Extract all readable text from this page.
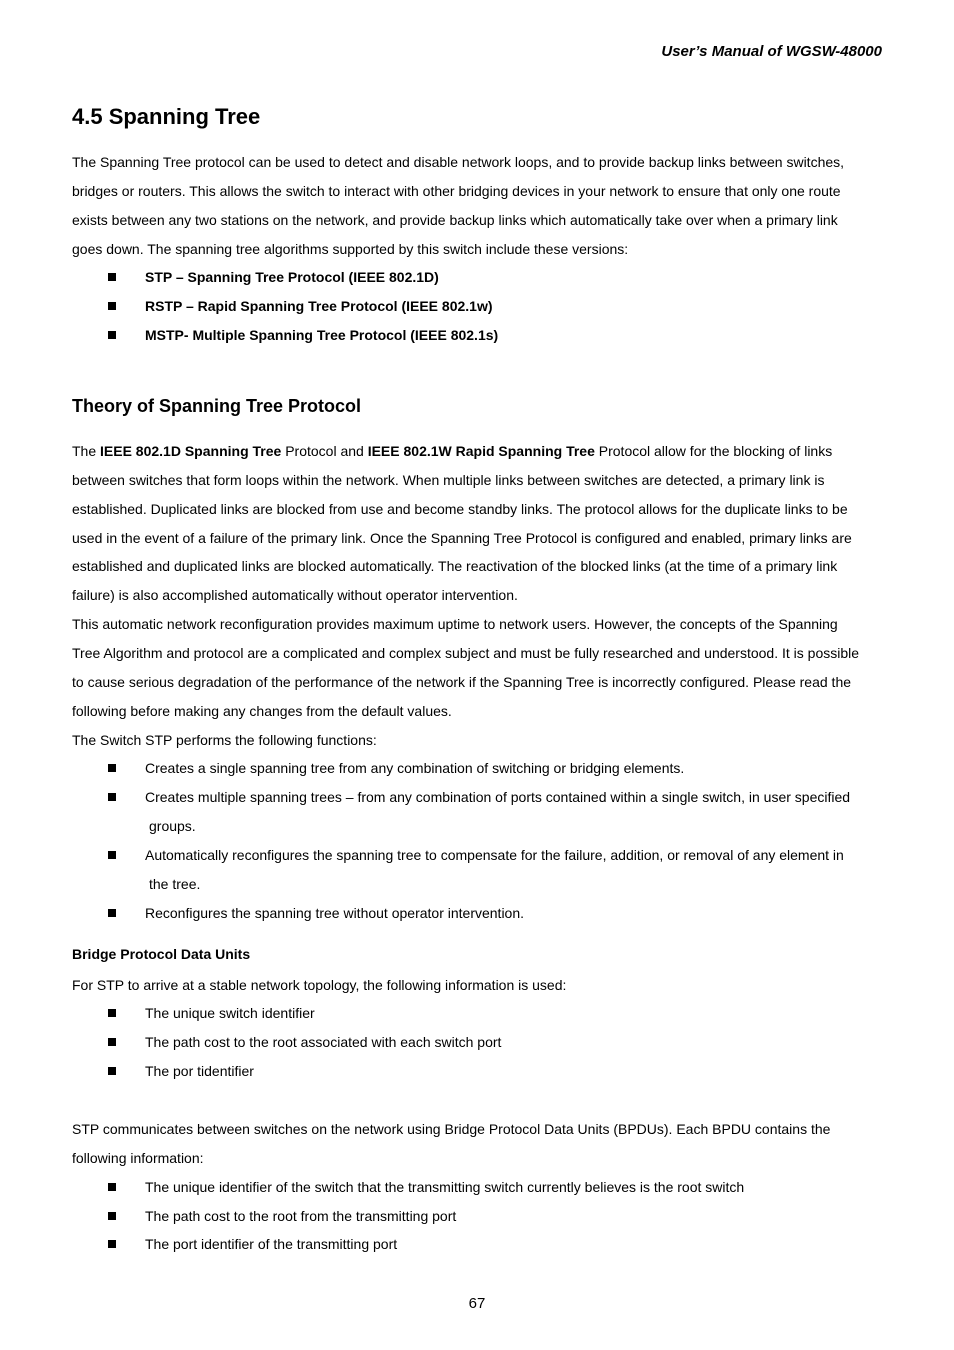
User’s Manual of WGSW-48000
4.5 Spanning Tree
The Spanning Tree protocol can be used to detect and disable network loops, and to provide backup links between switches,
bridges or routers. This allows the switch to interact with other bridging devices in your network to ensure that only one route
exists between any two stations on the network, and provide backup links which automatically take over when a primary link
goes down. The spanning tree algorithms supported by this switch include these versions:
STP – Spanning Tree Protocol (IEEE 802.1D)
RSTP – Rapid Spanning Tree Protocol (IEEE 802.1w)
MSTP- Multiple Spanning Tree Protocol (IEEE 802.1s)
Theory of Spanning Tree Protocol
The IEEE 802.1D Spanning Tree Protocol and IEEE 802.1W Rapid Spanning Tree Protocol allow for the blocking of links
between switches that form loops within the network. When multiple links between switches are detected, a primary link is
established. Duplicated links are blocked from use and become standby links. The protocol allows for the duplicate links to be
used in the event of a failure of the primary link. Once the Spanning Tree Protocol is configured and enabled, primary links are
established and duplicated links are blocked automatically. The reactivation of the blocked links (at the time of a primary link
failure) is also accomplished automatically without operator intervention.
This automatic network reconfiguration provides maximum uptime to network users. However, the concepts of the Spanning
Tree Algorithm and protocol are a complicated and complex subject and must be fully researched and understood. It is possible
to cause serious degradation of the performance of the network if the Spanning Tree is incorrectly configured. Please read the
following before making any changes from the default values.
The Switch STP performs the following functions:
Creates a single spanning tree from any combination of switching or bridging elements.
Creates multiple spanning trees – from any combination of ports contained within a single switch, in user specified
groups.
Automatically reconfigures the spanning tree to compensate for the failure, addition, or removal of any element in
the tree.
Reconfigures the spanning tree without operator intervention.
Bridge Protocol Data Units
For STP to arrive at a stable network topology, the following information is used:
The unique switch identifier
The path cost to the root associated with each switch port
The por tidentifier
STP communicates between switches on the network using Bridge Protocol Data Units (BPDUs). Each BPDU contains the
following information:
The unique identifier of the switch that the transmitting switch currently believes is the root switch
The path cost to the root from the transmitting port
The port identifier of the transmitting port
67
